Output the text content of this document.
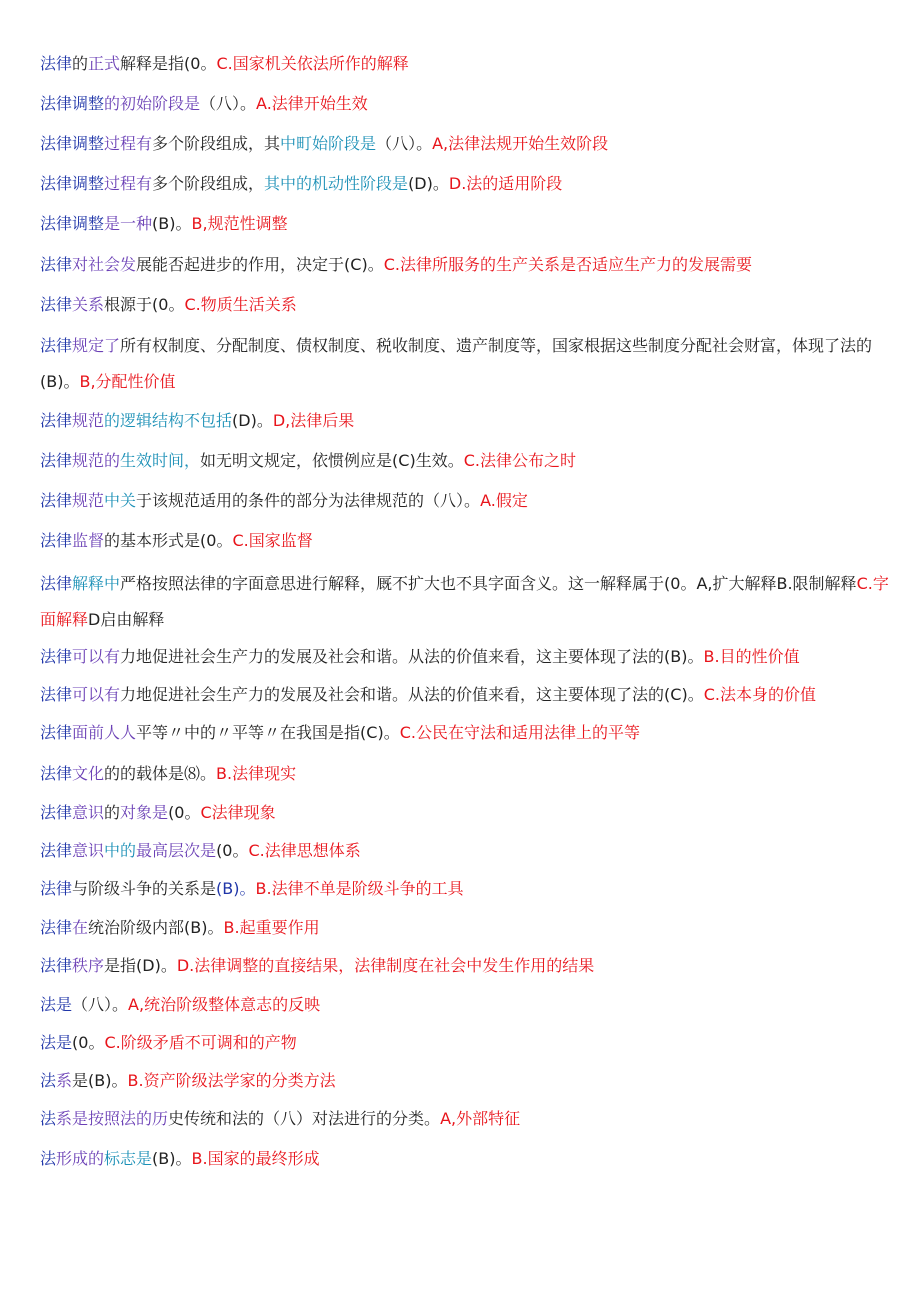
法律的正式解释是指(0。C.国家机关依法所作的解释
法律调整的初始阶段是（八）。A.法律开始生效
法律调整过程有多个阶段组成，其中町始阶段是（八）。A,法律法规开始生效阶段
法律调整过程有多个阶段组成，其中的机动性阶段是(D)。D.法的适用阶段
法律调整是一种(B)。B,规范性调整
法律对社会发展能否起进步的作用，决定于(C)。C.法律所服务的生产关系是否适应生产力的发展需要
法律关系根源于(0。C.物质生活关系
法律规定了所有权制度、分配制度、债权制度、税收制度、遗产制度等，国家根据这些制度分配社会财富，体现了法的(B)。B,分配性价值
法律规范的逻辑结构不包括(D)。D,法律后果
法律规范的生效时间，如无明文规定，依惯例应是(C)生效。C.法律公布之时
法律规范中关于该规范适用的条件的部分为法律规范的（八）。A.假定
法律监督的基本形式是(0。C.国家监督
法律解释中严格按照法律的字面意思进行解释，厩不扩大也不具字面含义。这一解释属于(0。A,扩大解释B.限制解释C.字面解释D启由解释
法律可以有力地促进社会生产力的发展及社会和谐。从法的价值来看，这主要体现了法的(B)。B.目的性价值
法律可以有力地促进社会生产力的发展及社会和谐。从法的价值来看，这主要体现了法的(C)。C.法本身的价值
法律面前人人平等〃中的〃平等〃在我国是指(C)。C.公民在守法和适用法律上的平等
法律文化的的载体是⑻。B.法律现实
法律意识的对象是(0。C法律现象
法律意识中的最高层次是(0。C.法律思想体系
法律与阶级斗争的关系是(B)。B.法律不单是阶级斗争的工具
法律在统治阶级内部(B)。B.起重要作用
法律秩序是指(D)。D.法律调整的直接结果，法律制度在社会中发生作用的结果
法是（八）。A,统治阶级整体意志的反映
法是(0。C.阶级矛盾不可调和的产物
法系是(B)。B.资产阶级法学家的分类方法
法系是按照法的历史传统和法的（八）对法进行的分类。A,外部特征
法形成的标志是(B)。B.国家的最终形成
